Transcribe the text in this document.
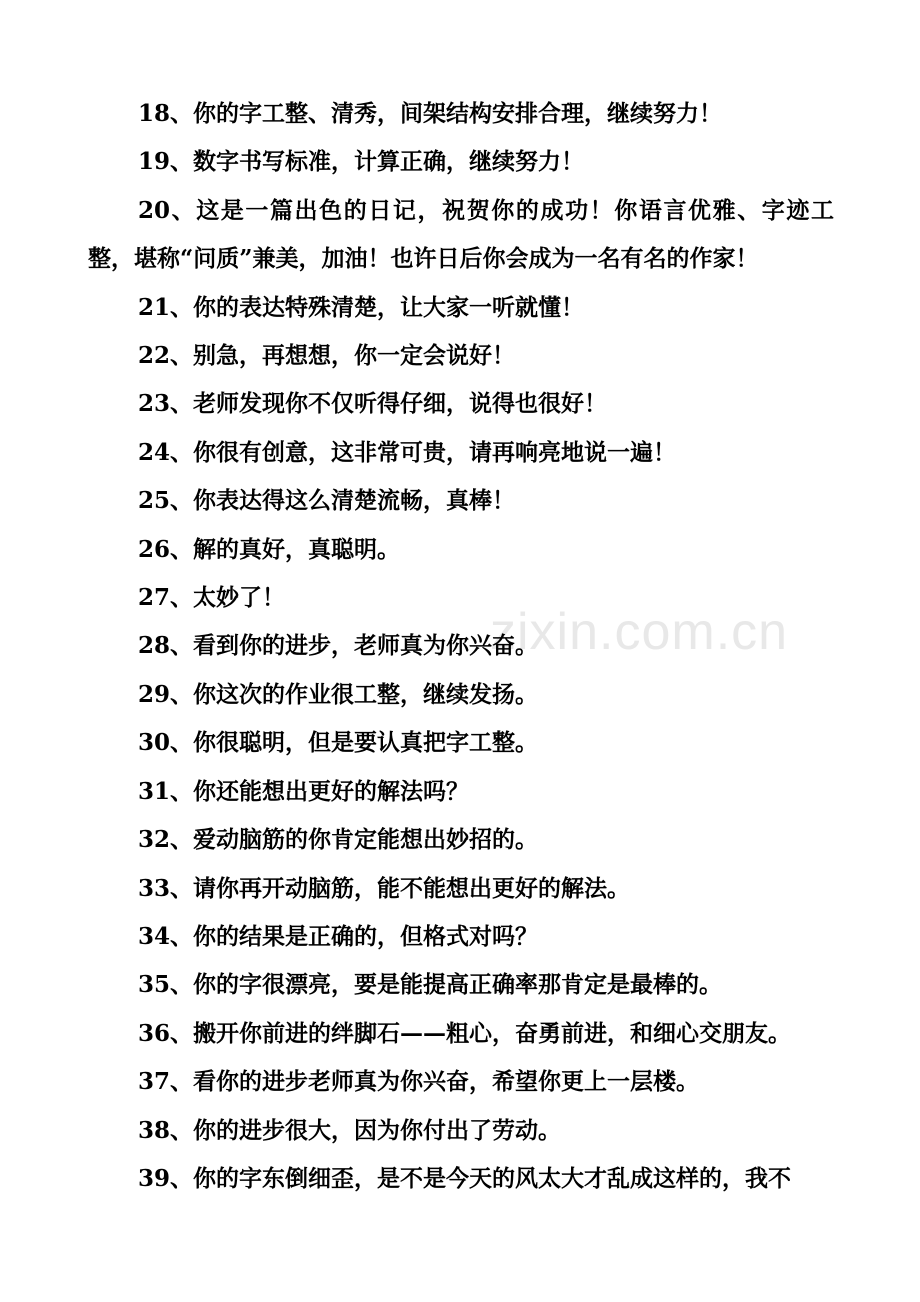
zixin.com.cn

18、你的字工整、清秀，间架结构安排合理，继续努力！

19、数字书写标准，计算正确，继续努力！

20、这是一篇出色的日记，祝贺你的成功！你语言优雅、字迹工整，堪称“问质”兼美，加油！也许日后你会成为一名有名的作家！

21、你的表达特殊清楚，让大家一听就懂！

22、别急，再想想，你一定会说好！

23、老师发现你不仅听得仔细，说得也很好！

24、你很有创意，这非常可贵，请再响亮地说一遍！

25、你表达得这么清楚流畅，真棒！

26、解的真好，真聪明。

27、太妙了！

28、看到你的进步，老师真为你兴奋。

29、你这次的作业很工整，继续发扬。

30、你很聪明，但是要认真把字工整。

31、你还能想出更好的解法吗？

32、爱动脑筋的你肯定能想出妙招的。

33、请你再开动脑筋，能不能想出更好的解法。

34、你的结果是正确的，但格式对吗？

35、你的字很漂亮，要是能提高正确率那肯定是最棒的。

36、搬开你前进的绊脚石——粗心，奋勇前进，和细心交朋友。

37、看你的进步老师真为你兴奋，希望你更上一层楼。

38、你的进步很大，因为你付出了劳动。

39、你的字东倒细歪，是不是今天的风太大才乱成这样的，我不
